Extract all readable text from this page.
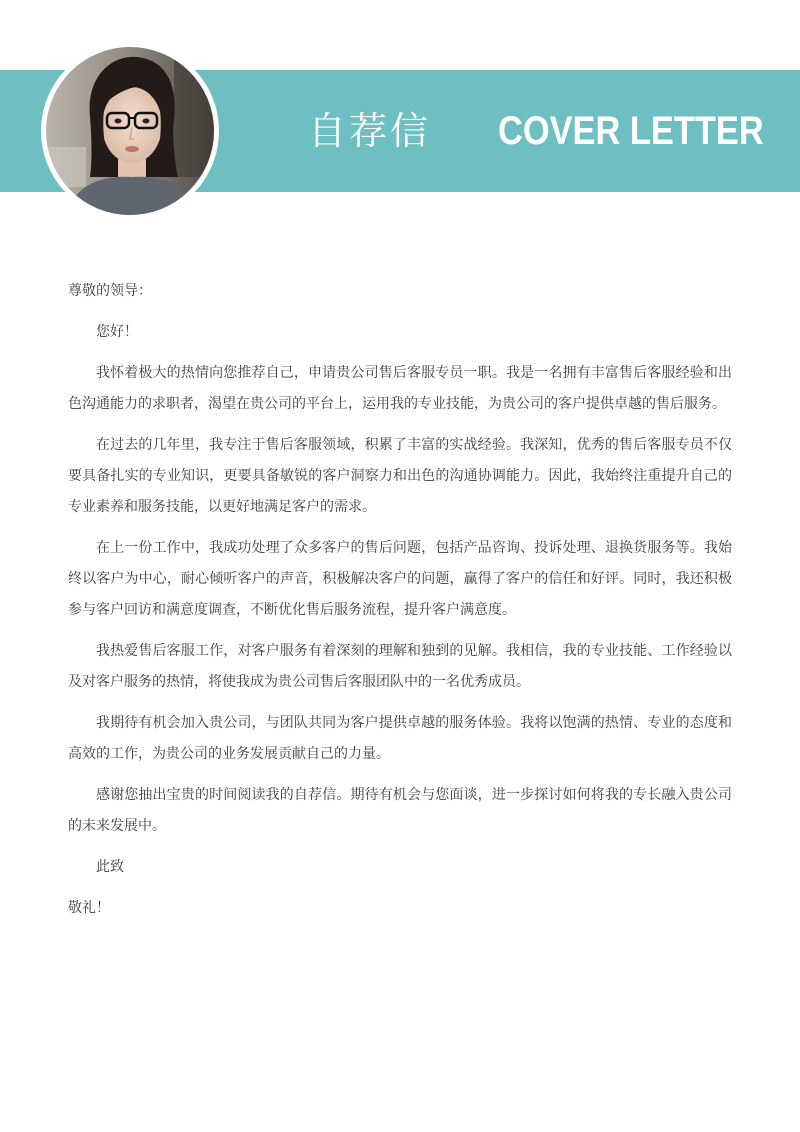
自荐信 COVER LETTER

尊敬的领导：

您好！

我怀着极大的热情向您推荐自己，申请贵公司售后客服专员一职。我是一名拥有丰富售后客服经验和出色沟通能力的求职者，渴望在贵公司的平台上，运用我的专业技能，为贵公司的客户提供卓越的售后服务。

在过去的几年里，我专注于售后客服领域，积累了丰富的实战经验。我深知，优秀的售后客服专员不仅要具备扎实的专业知识，更要具备敏锐的客户洞察力和出色的沟通协调能力。因此，我始终注重提升自己的专业素养和服务技能，以更好地满足客户的需求。

在上一份工作中，我成功处理了众多客户的售后问题，包括产品咨询、投诉处理、退换货服务等。我始终以客户为中心，耐心倾听客户的声音，积极解决客户的问题，赢得了客户的信任和好评。同时，我还积极参与客户回访和满意度调查，不断优化售后服务流程，提升客户满意度。

我热爱售后客服工作，对客户服务有着深刻的理解和独到的见解。我相信，我的专业技能、工作经验以及对客户服务的热情，将使我成为贵公司售后客服团队中的一名优秀成员。

我期待有机会加入贵公司，与团队共同为客户提供卓越的服务体验。我将以饱满的热情、专业的态度和高效的工作，为贵公司的业务发展贡献自己的力量。

感谢您抽出宝贵的时间阅读我的自荐信。期待有机会与您面谈，进一步探讨如何将我的专长融入贵公司的未来发展中。

此致

敬礼！
